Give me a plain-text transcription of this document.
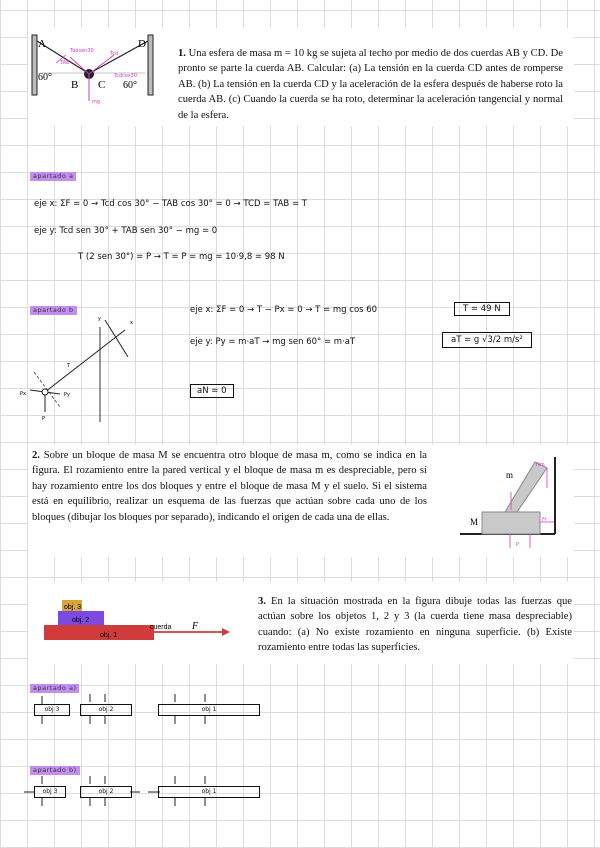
A	D
B C
60°
60°
Tabsen30
TAB
Tcd
Tcdcos30
mg

1. Una esfera de masa m = 10 kg se sujeta al techo por medio de dos cuerdas AB y CD. De pronto se parte la cuerda AB. Calcular: (a) La tensión en la cuerda CD antes de romperse AB. (b) La tensión en la cuerda CD y la aceleración de la esfera después de haberse roto la cuerda AB. (c) Cuando la cuerda se ha roto, determinar la aceleración tangencial y normal de la esfera.

apartado a
eje x: ΣF = 0 → Tcd cos 30° − TAB cos 30° = 0 → TCD = TAB = T
eje y: Tcd sen 30° + TAB sen 30° − mg = 0
T (2 sen 30°) = P → T = P = mg = 10·9,8 = 98 N
apartado b
x
y
T
Px	Py
P
eje x: ΣF = 0 → T − Px = 0 → T = mg cos 60	T = 49 N
eje y: Py = m·aT → mg sen 60° = m·aT	aT = g √3/2 m/s²
aN = 0

2. Sobre un bloque de masa M se encuentra otro bloque de masa m, como se indica en la figura. El rozamiento entre la pared vertical y el bloque de masa m es despreciable, pero sí hay rozamiento entre los dos bloques y entre el bloque de masa M y el suelo. Si el sistema está en equilibrio, realizar un esquema de las fuerzas que actúan sobre cada uno de los bloques (dibujar los bloques por separado), indicando el origen de cada una de ellas.

m
M
Nm
Fr
P
obj. 3
obj. 2
obj. 1
cuerda F⃗

3. En la situación mostrada en la figura dibuje todas las fuerzas que actúan sobre los objetos 1, 2 y 3 (la cuerda tiene masa despreciable) cuando: (a) No existe rozamiento en ninguna superficie. (b) Existe rozamiento entre todas las superficies.

apartado a)
obj 3	obj 2	obj 1
apartado b)
obj 3	obj 2	obj 1
